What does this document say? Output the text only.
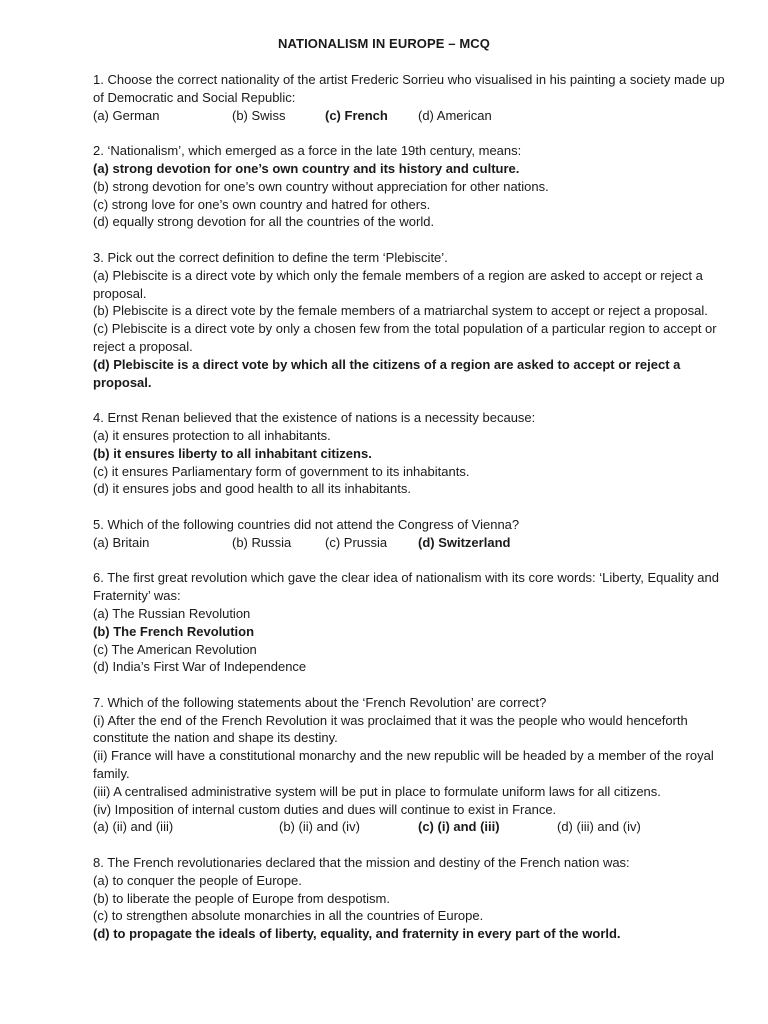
NATIONALISM IN EUROPE – MCQ
1. Choose the correct nationality of the artist Frederic Sorrieu who visualised in his painting a society made up of Democratic and Social Republic:
(a) German	(b) Swiss	(c) French (d) American
2. ‘Nationalism’, which emerged as a force in the late 19th century, means:
(a) strong devotion for one’s own country and its history and culture.
(b) strong devotion for one’s own country without appreciation for other nations.
(c) strong love for one’s own country and hatred for others.
(d) equally strong devotion for all the countries of the world.
3. Pick out the correct definition to define the term ‘Plebiscite’.
(a) Plebiscite is a direct vote by which only the female members of a region are asked to accept or reject a proposal.
(b) Plebiscite is a direct vote by the female members of a matriarchal system to accept or reject a proposal.
(c) Plebiscite is a direct vote by only a chosen few from the total population of a particular region to accept or reject a proposal.
(d) Plebiscite is a direct vote by which all the citizens of a region are asked to accept or reject a proposal.
4. Ernst Renan believed that the existence of nations is a necessity because:
(a) it ensures protection to all inhabitants.
(b) it ensures liberty to all inhabitant citizens.
(c) it ensures Parliamentary form of government to its inhabitants.
(d) it ensures jobs and good health to all its inhabitants.
5. Which of the following countries did not attend the Congress of Vienna?
(a) Britain	(b) Russia	(c) Prussia (d) Switzerland
6. The first great revolution which gave the clear idea of nationalism with its core words: ‘Liberty, Equality and Fraternity’ was:
(a) The Russian Revolution
(b) The French Revolution
(c) The American Revolution
(d) India’s First War of Independence
7. Which of the following statements about the ‘French Revolution’ are correct?
(i) After the end of the French Revolution it was proclaimed that it was the people who would henceforth constitute the nation and shape its destiny.
(ii) France will have a constitutional monarchy and the new republic will be headed by a member of the royal family.
(iii) A centralised administrative system will be put in place to formulate uniform laws for all citizens.
(iv) Imposition of internal custom duties and dues will continue to exist in France.
(a) (ii) and (iii)	(b) (ii) and (iv)	(c) (i) and (iii)	(d) (iii) and (iv)
8. The French revolutionaries declared that the mission and destiny of the French nation was:
(a) to conquer the people of Europe.
(b) to liberate the people of Europe from despotism.
(c) to strengthen absolute monarchies in all the countries of Europe.
(d) to propagate the ideals of liberty, equality, and fraternity in every part of the world.
